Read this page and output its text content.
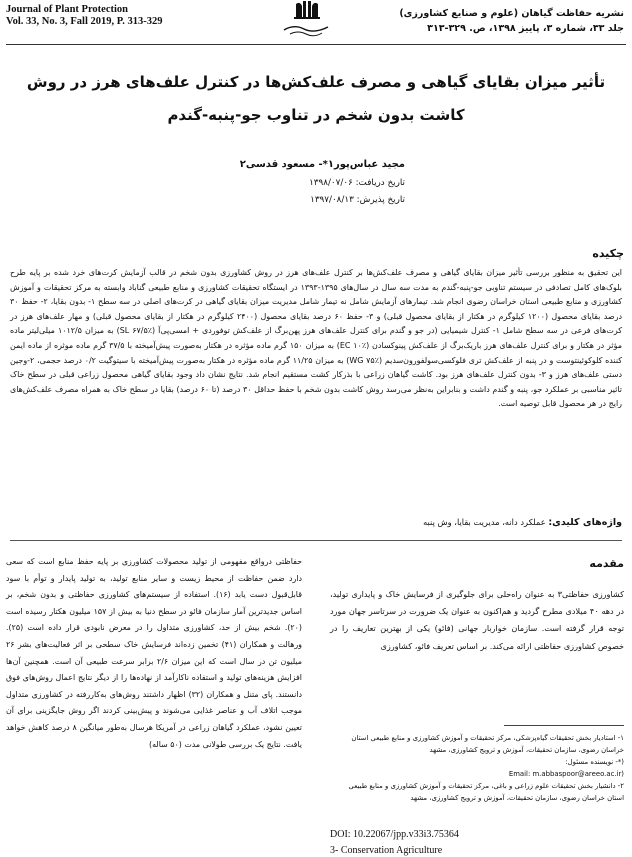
Journal of Plant Protection
Vol. 33, No. 3, Fall 2019, P. 313-329
نشریه حفاظت گیاهان (علوم و صنایع کشاورزی)
جلد ۳۳، شماره ۳، پاییز ۱۳۹۸، ص. ۳۲۹-۳۱۳
تأثیر میزان بقایای گیاهی و مصرف علف‌کش‌ها در کنترل علف‌های هرز در روش کاشت بدون شخم در تناوب جو-پنبه-گندم
مجید عباس‌پور۱*- مسعود قدسی۲
تاریخ دریافت: ۱۳۹۸/۰۷/۰۶
تاریخ پذیرش: ۱۳۹۷/۰۸/۱۳
چکیده
این تحقیق به منظور بررسی تأثیر میزان بقایای گیاهی و مصرف علف‌کش‌ها بر کنترل علف‌های هرز در روش کشاورزی بدون شخم در قالب آزمایش کرت‌های خرد شده بر پایه طرح بلوک‌های کامل تصادفی در سیستم تناوبی جو-پنبه-گندم به مدت سه سال در سال‌های ۱۳۹۵-۱۳۹۳ در ایستگاه تحقیقات کشاورزی و منابع طبیعی گناباد وابسته به مرکز تحقیقات و آموزش کشاورزی و منابع طبیعی استان خراسان رضوی انجام شد. تیمارهای آزمایش شامل نه تیمار شامل مدیریت میزان بقایای گیاهی در کرت‌های اصلی در سه سطح ۱- بدون بقایا، ۲- حفظ ۳۰ درصد بقایای محصول (۱۲۰۰ کیلوگرم در هکتار از بقایای محصول قبلی) و ۳- حفظ ۶۰ درصد بقایای محصول (۲۴۰۰ کیلوگرم در هکتار از بقایای محصول قبلی) و مهار علف‌های هرز در کرت‌های فرعی در سه سطح شامل ۱- کنترل شیمیایی (در جو و گندم برای کنترل علف‌های هرز پهن‌برگ از علف‌کش توفوردی + امسی‌پی‌آ (SL ۶۷/۵٪) به میزان ۱۰۱۲/۵ میلی‌لیتر ماده مؤثر در هکتار و برای کنترل علف‌های هرز باریک‌برگ از علف‌کش پینوکسادن (EC ۱۰٪) به میزان ۱۵۰ گرم ماده مؤثره در هکتار به‌صورت پیش‌آمیخته با ۳۷/۵ گرم ماده موثره از ماده ایمن کننده کلوکوئینتوست و در پنبه از علف‌کش تری فلوکسی‌سولفورون‌سدیم (WG ۷۵٪) به میزان ۱۱/۲۵ گرم ماده مؤثره در هکتار به‌صورت پیش‌آمیخته با سیتوگیت ۰/۲ درصد حجمی، ۲-وجین دستی علف‌های هرز و ۳- بدون کنترل علف‌های هرز بود. کاشت گیاهان زراعی با بذرکار کشت مستقیم انجام شد. نتایج نشان داد وجود بقایای گیاهی محصول زراعی قبلی در سطح خاک تاثیر مناسبی بر عملکرد جو، پنبه و گندم داشت و بنابراین به‌نظر می‌رسد روش کاشت بدون شخم با حفظ حداقل ۳۰ درصد (تا ۶۰ درصد) بقایا در سطح خاک به همراه مصرف علف‌کش‌های رایج در هر محصول قابل توصیه است.
واژه‌های کلیدی: عملکرد دانه، مدیریت بقایا، وش پنبه
مقدمه

کشاورزی حفاظتی۳ به عنوان راه‌حلی برای جلوگیری از فرسایش خاک و پایداری تولید، در دهه ۴۰ میلادی مطرح گردید و هم‌اکنون به عنوان یک ضرورت در سرتاسر جهان مورد توجه قرار گرفته است. سازمان خواربار جهانی (فائو) یکی از بهترین تعاریف را در خصوص کشاورزی حفاظتی ارائه می‌کند. بر اساس تعریف فائو، کشاورزی

۱- استادیار بخش تحقیقات گیاه‌پزشکی، مرکز تحقیقات و آموزش کشاورزی و منابع طبیعی استان خراسان رضوی، سازمان تحقیقات، آموزش و ترویج کشاورزی، مشهد
(*- نویسنده مسئول:
Email: m.abbaspoor@areeo.ac.ir)
۲- دانشیار بخش تحقیقات علوم زراعی و باغی، مرکز تحقیقات و آموزش کشاورزی و منابع طبیعی استان خراسان رضوی، سازمان تحقیقات، آموزش و ترویج کشاورزی، مشهد
DOI: 10.22067/jpp.v33i3.75364
3- Conservation Agriculture

حفاظتی درواقع مفهومی از تولید محصولات کشاورزی بر پایه حفظ منابع است که سعی دارد ضمن حفاظت از محیط زیست و سایر منابع تولید، به تولید پایدار و توأم با سود قابل‌قبول دست یابد (۱۶). استفاده از سیستم‌های کشاورزی حفاظتی و بدون شخم، بر اساس جدیدترین آمار سازمان فائو در سطح دنیا به بیش از ۱۵۷ میلیون هکتار رسیده است (۲۰). شخم بیش از حد، کشاورزی متداول را در معرض نابودی قرار داده است (۲۵). ورهالت و همکاران (۴۱) تخمین زده‌اند فرسایش خاک سطحی بر اثر فعالیت‌های بشر ۲۶ میلیون تن در سال است که این میزان ۲/۶ برابر سرعت طبیعی آن است. همچنین آن‌ها افزایش هزینه‌های تولید و استفاده ناکارآمد از نهاده‌ها را از دیگر نتایج اعمال روش‌های فوق دانستند. پای متنل و همکاران (۳۲) اظهار داشتند روش‌های به‌کاررفته در کشاورزی متداول موجب اتلاف آب و عناصر غذایی می‌شوند و پیش‌بینی کردند اگر روش جایگزینی برای آن تعیین نشود، عملکرد گیاهان زراعی در آمریکا هرسال به‌طور میانگین ۸ درصد کاهش خواهد یافت. نتایج یک بررسی طولانی مدت (۵۰ ساله)
